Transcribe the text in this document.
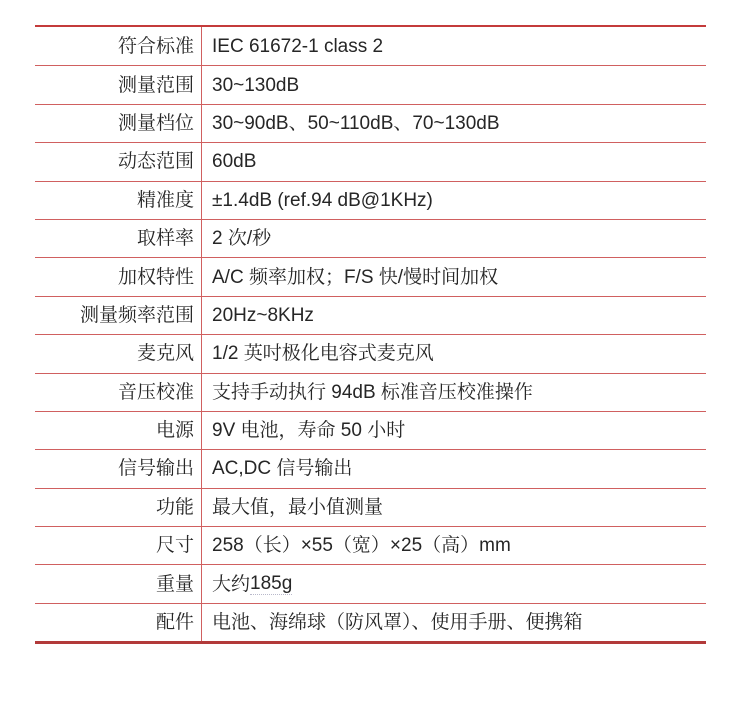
符合标准 IEC 61672-1 class 2
测量范围 30~130dB
测量档位 30~90dB、50~110dB、70~130dB
动态范围 60dB
精准度 ±1.4dB (ref.94 dB@1KHz)
取样率 2 次/秒
加权特性 A/C 频率加权；F/S 快/慢时间加权
测量频率范围 20Hz~8KHz
麦克风 1/2 英吋极化电容式麦克风
音压校准 支持手动执行 94dB 标准音压校准操作
电源 9V 电池，寿命 50 小时
信号输出 AC,DC 信号输出
功能 最大值，最小值测量
尺寸 258（长）×55（宽）×25（高）mm
重量 大约 185g
配件 电池、海绵球（防风罩）、使用手册、便携箱
